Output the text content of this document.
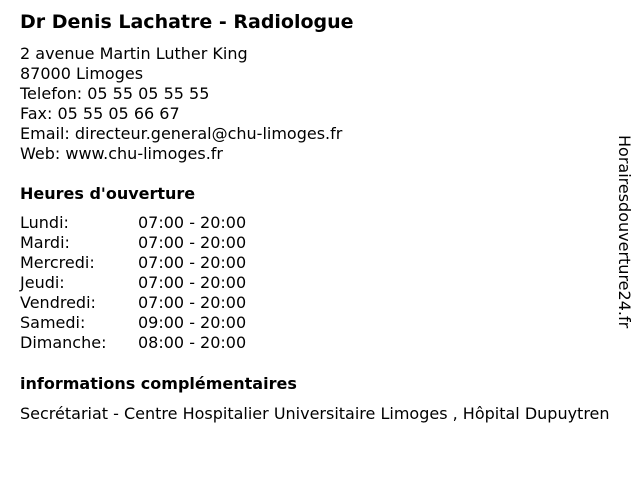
Dr Denis Lachatre - Radiologue
2 avenue Martin Luther King
87000 Limoges
Telefon: 05 55 05 55 55
Fax: 05 55 05 66 67
Email: directeur.general@chu-limoges.fr
Web: www.chu-limoges.fr
Heures d'ouverture
Lundi:	07:00 - 20:00
Mardi:	07:00 - 20:00
Mercredi:	07:00 - 20:00
Jeudi:	07:00 - 20:00
Vendredi:	07:00 - 20:00
Samedi:	09:00 - 20:00
Dimanche:	08:00 - 20:00
informations complémentaires
Secrétariat - Centre Hospitalier Universitaire Limoges , Hôpital Dupuytren
Horairesdouverture24.fr
